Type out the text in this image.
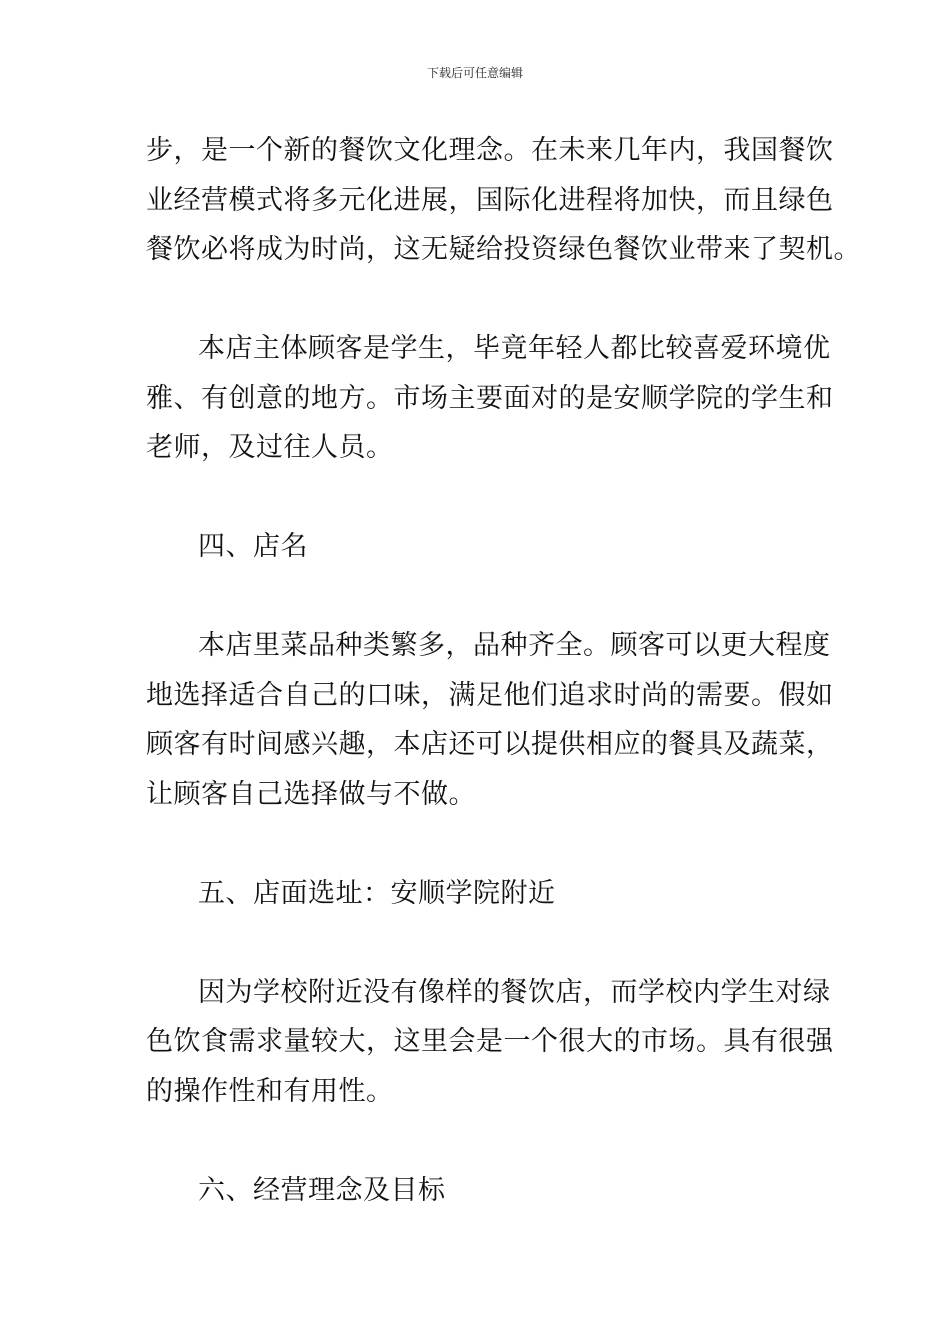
下载后可任意编辑

步，是一个新的餐饮文化理念。在未来几年内，我国餐饮
业经营模式将多元化进展，国际化进程将加快，而且绿色
餐饮必将成为时尚，这无疑给投资绿色餐饮业带来了契机。

本店主体顾客是学生，毕竟年轻人都比较喜爱环境优
雅、有创意的地方。市场主要面对的是安顺学院的学生和
老师，及过往人员。

四、店名

本店里菜品种类繁多，品种齐全。顾客可以更大程度
地选择适合自己的口味，满足他们追求时尚的需要。假如
顾客有时间感兴趣，本店还可以提供相应的餐具及蔬菜，
让顾客自己选择做与不做。

五、店面选址：安顺学院附近

因为学校附近没有像样的餐饮店，而学校内学生对绿
色饮食需求量较大，这里会是一个很大的市场。具有很强
的操作性和有用性。

六、经营理念及目标
